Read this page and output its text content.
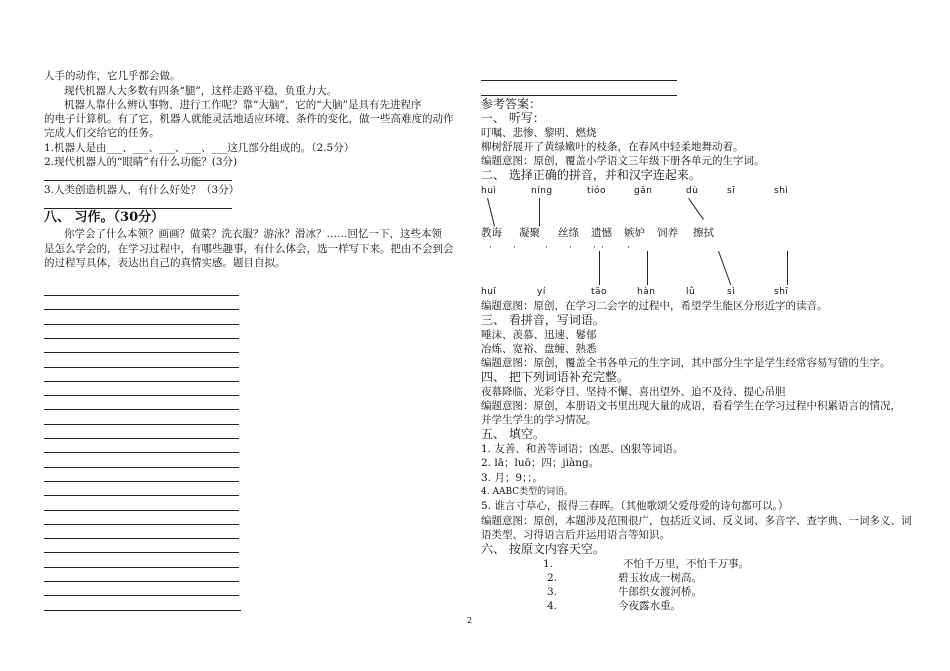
人手的动作，它几乎都会做。
现代机器人大多数有四条“腿”，这样走路平稳，负重力大。
机器人靠什么辨认事物、进行工作呢？靠“大脑”，它的“大脑”是具有先进程序
的电子计算机。有了它，机器人就能灵活地适应环境、条件的变化，做一些高难度的动作
完成人们交给它的任务。
1.机器人是由___、___、___、___、___这几部分组成的。（2.5分）
2.现代机器人的“眼睛”有什么功能？(3分)
3.人类创造机器人，有什么好处？（3分）
八、 习作。（30分）
你学会了什么本领？画画？做菜？洗衣服？游泳？滑冰？……回忆一下，这些本领
是怎么学会的，在学习过程中，有哪些趣事，有什么体会，选一样写下来。把由不会到会
的过程写具体，表达出自己的真情实感。题目自拟。
参考答案：
一、 听写：
叮嘱、悲惨、黎明、燃烧
柳树舒展开了黄绿嫩叶的枝条，在春风中轻柔地舞动着。
编题意图：原创，覆盖小学语文三年级下册各单元的生字词。
二、 选择正确的拼音，并和汉字连起来。
huì	níng	tióo	gǎn	dù	sī	shì
教诲 凝聚 丝绦 遗憾 嫉妒 饲养 擦拭
· ·	· · · ·	·
huǐ	yí	tāo	hàn	lǜ	sì	shī
编题意图：原创，在学习二会字的过程中，希望学生能区分形近字的读音。
三、 看拼音，写词语。
唾沫、羡慕、迅速、鬈郁
冶炼、宽裕、盘缠、熟悉
编题意图：原创，覆盖全书各单元的生字词，其中部分生字是学生经常容易写错的生字。
四、 把下列词语补充完整。
夜幕降临、光彩夺目、坚持不懈、喜出望外、迫不及待、提心吊胆
编题意图：原创，本册语文书里出现大量的成语，看看学生在学习过程中积累语言的情况，
并学生学生的学习情况。
五、 填空。
1. 友善、和善等词语；凶恶、凶狠等词语。
2. lā；luō；四；jiàng。
3. 月；9；；。
4. AABC类型的词语。
5. 谁言寸草心，报得三春晖。（其他歌颂父爱母爱的诗句都可以。）
编题意图：原创，本题涉及范围很广，包括近义词、反义词、多音字、查字典、一词多义、词
语类型、习得语言后并运用语言等知识。
六、 按原文内容天空。
1.	不怕千万里，不怕千万事。
2.	碧玉妆成一树高。
3.	牛郎织女渡河桥。
4.	今夜露水重。
2
